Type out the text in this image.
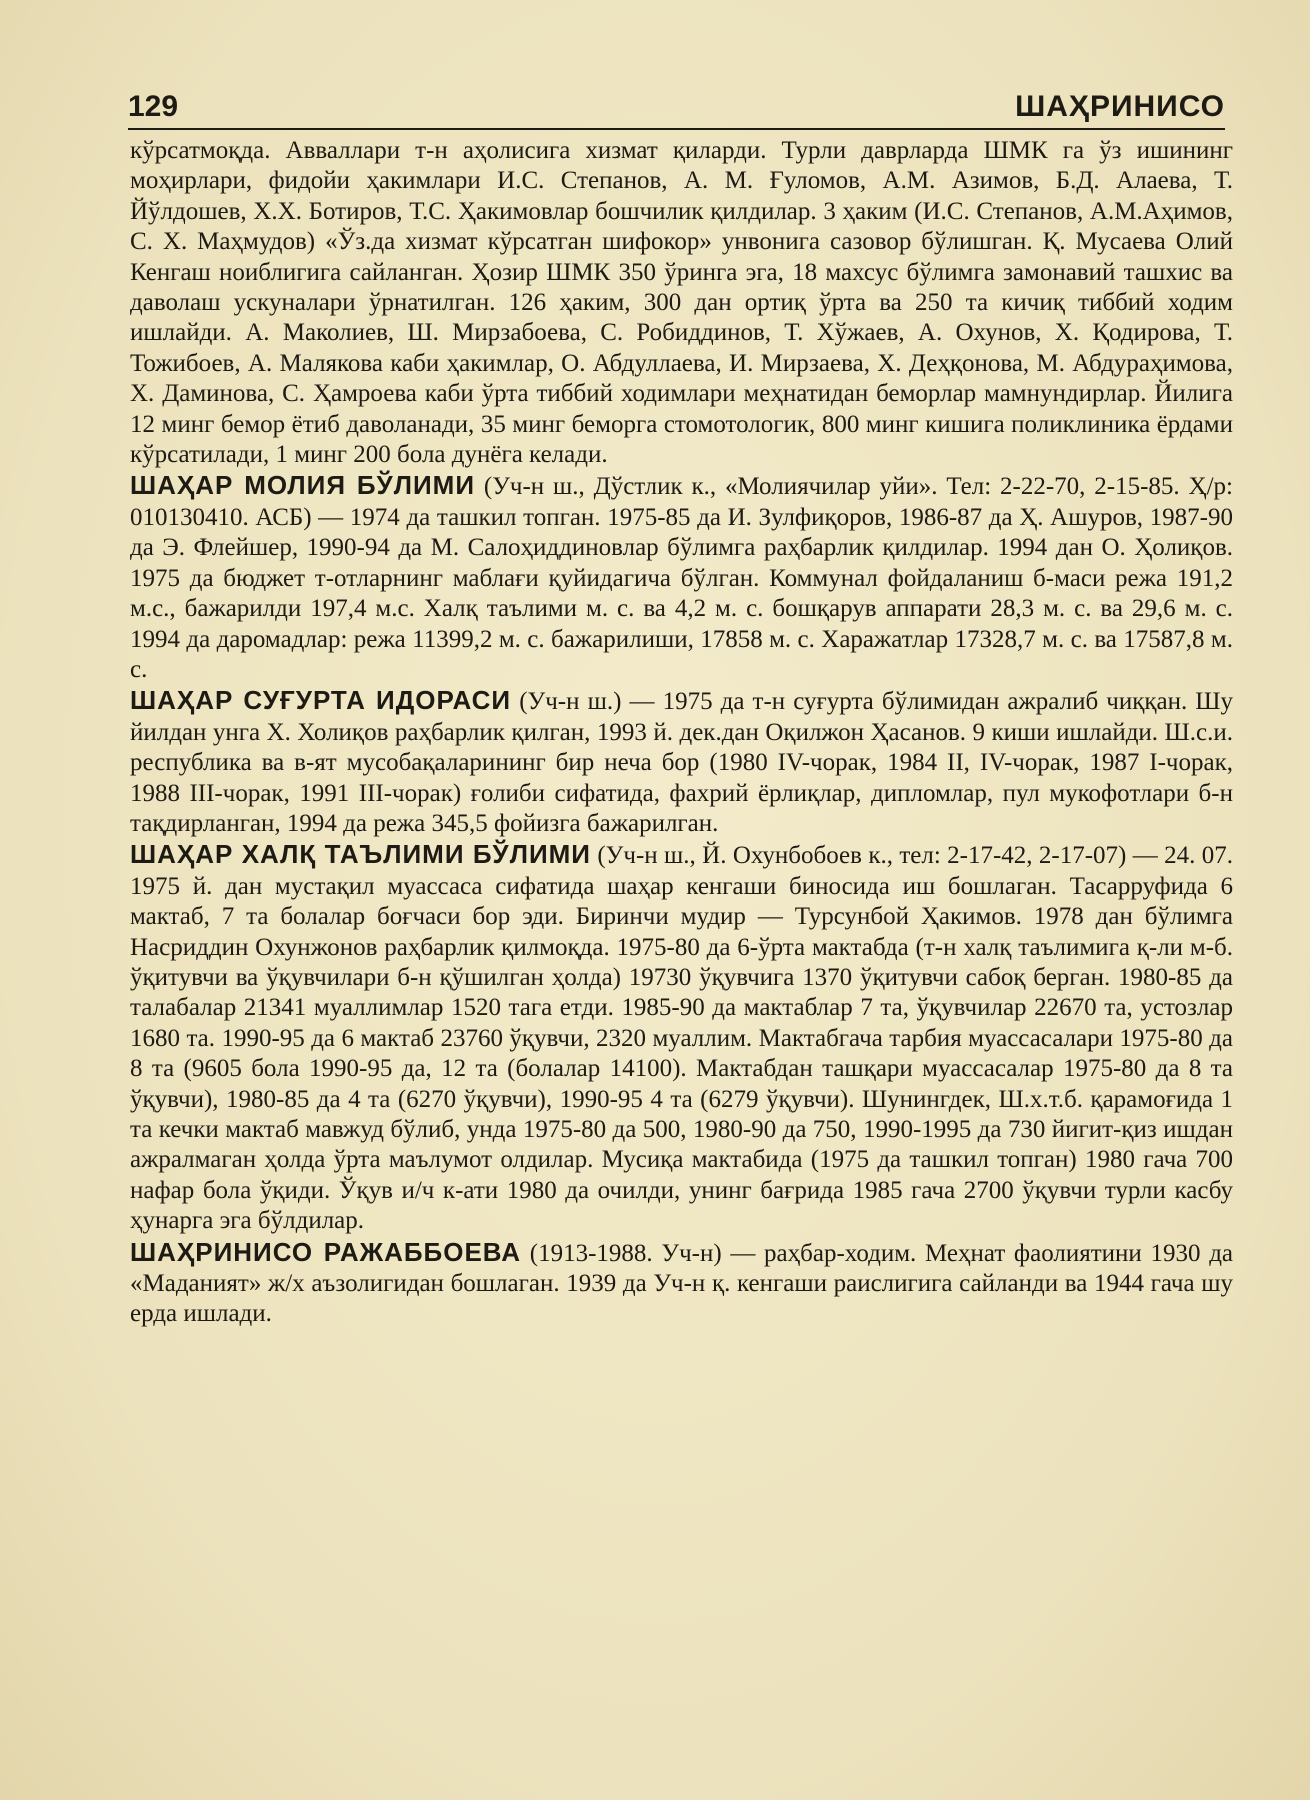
129	ШАҲРИНИСО

кўрсатмоқда. Авваллари т-н аҳолисига хизмат қиларди. Турли даврларда ШМК га ўз ишининг моҳирлари, фидойи ҳакимлари И.С. Степанов, А. М. Ғуломов, А.М. Азимов, Б.Д. Алаева, Т. Йўлдошев, Х.Х. Ботиров, Т.С. Ҳакимовлар бошчилик қилдилар. 3 ҳаким (И.С. Степанов, А.М.Аҳимов, С. Х. Маҳмудов) «Ўз.да хизмат кўрсатган шифокор» унвонига сазовор бўлишган. Қ. Мусаева Олий Кенгаш ноиблигига сайланган. Ҳозир ШМК 350 ўринга эга, 18 махсус бўлимга замонавий ташхис ва даволаш ускуналари ўрнатилган. 126 ҳаким, 300 дан ортиқ ўрта ва 250 та кичиқ тиббий ходим ишлайди. А. Маколиев, Ш. Мирзабоева, С. Робиддинов, Т. Хўжаев, А. Охунов, Х. Қодирова, Т. Тожибоев, А. Малякова каби ҳакимлар, О. Абдуллаева, И. Мирзаева, Х. Деҳқонова, М. Абдураҳимова, Х. Даминова, С. Ҳамроева каби ўрта тиббий ходимлари меҳнатидан беморлар мамнундирлар. Йилига 12 минг бемор ётиб даволанади, 35 минг беморга стомотологик, 800 минг кишига поликлиника ёрдами кўрсатилади, 1 минг 200 бола дунёга келади.

ШАҲАР МОЛИЯ БЎЛИМИ (Уч-н ш., Дўстлик к., «Молиячилар уйи». Тел: 2-22-70, 2-15-85. Ҳ/р: 010130410. АСБ) — 1974 да ташкил топган. 1975-85 да И. Зулфиқоров, 1986-87 да Ҳ. Ашуров, 1987-90 да Э. Флейшер, 1990-94 да М. Салоҳиддиновлар бўлимга раҳбарлик қилдилар. 1994 дан О. Ҳолиқов. 1975 да бюджет т-отларнинг маблағи қуйидагича бўлган. Коммунал фойдаланиш б-маси режа 191,2 м.с., бажарилди 197,4 м.с. Халқ таълими м. с. ва 4,2 м. с. бошқарув аппарати 28,3 м. с. ва 29,6 м. с. 1994 да даромадлар: режа 11399,2 м. с. бажарилиши, 17858 м. с. Харажатлар 17328,7 м. с. ва 17587,8 м. с.

ШАҲАР СУҒУРТА ИДОРАСИ (Уч-н ш.) — 1975 да т-н суғурта бўлимидан ажралиб чиққан. Шу йилдан унга Х. Холиқов раҳбарлик қилган, 1993 й. дек.дан Оқилжон Ҳасанов. 9 киши ишлайди. Ш.с.и. республика ва в-ят мусобақаларининг бир неча бор (1980 IV-чорак, 1984 II, IV-чорак, 1987 I-чорак, 1988 III-чорак, 1991 III-чорак) ғолиби сифатида, фахрий ёрлиқлар, дипломлар, пул мукофотлари б-н тақдирланган, 1994 да режа 345,5 фойизга бажарилган.

ШАҲАР ХАЛҚ ТАЪЛИМИ БЎЛИМИ (Уч-н ш., Й. Охунбобоев к., тел: 2-17-42, 2-17-07) — 24. 07. 1975 й. дан мустақил муассаса сифатида шаҳар кенгаши биносида иш бошлаган. Тасарруфида 6 мактаб, 7 та болалар боғчаси бор эди. Биринчи мудир — Турсунбой Ҳакимов. 1978 дан бўлимга Насриддин Охунжонов раҳбарлик қилмоқда. 1975-80 да 6-ўрта мактабда (т-н халқ таълимига қ-ли м-б. ўқитувчи ва ўқувчилари б-н қўшилган ҳолда) 19730 ўқувчига 1370 ўқитувчи сабоқ берган. 1980-85 да талабалар 21341 муаллимлар 1520 тага етди. 1985-90 да мактаблар 7 та, ўқувчилар 22670 та, устозлар 1680 та. 1990-95 да 6 мактаб 23760 ўқувчи, 2320 муаллим. Мактабгача тарбия муассасалари 1975-80 да 8 та (9605 бола 1990-95 да, 12 та (болалар 14100). Мактабдан ташқари муассасалар 1975-80 да 8 та ўқувчи), 1980-85 да 4 та (6270 ўқувчи), 1990-95 4 та (6279 ўқувчи). Шунингдек, Ш.х.т.б. қарамоғида 1 та кечки мактаб мавжуд бўлиб, унда 1975-80 да 500, 1980-90 да 750, 1990-1995 да 730 йигит-қиз ишдан ажралмаган ҳолда ўрта маълумот олдилар. Мусиқа мактабида (1975 да ташкил топган) 1980 гача 700 нафар бола ўқиди. Ўқув и/ч к-ати 1980 да очилди, унинг бағрида 1985 гача 2700 ўқувчи турли касбу ҳунарга эга бўлдилар.

ШАҲРИНИСО РАЖАББОЕВА (1913-1988. Уч-н) — раҳбар-ходим. Меҳнат фаолиятини 1930 да «Маданият» ж/х аъзолигидан бошлаган. 1939 да Уч-н қ. кенгаши раислигига сайланди ва 1944 гача шу ерда ишлади.
